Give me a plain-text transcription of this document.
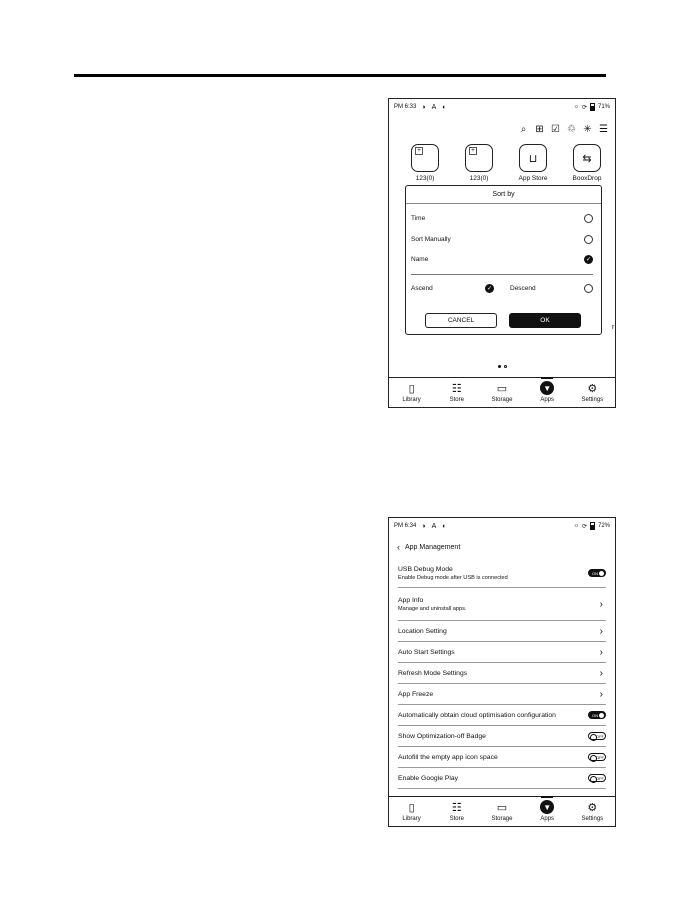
PM 6:33 ◑ A ◐	☼ ⟳ 71%
⌕ ⊞ ☑ ♲ ✳ ☰
+
123(0)
+
123(0)
⊔
App Store
⇆
BooxDrop
Sort by
Time
Sort Manually
Name	✓
Ascend	✓	Descend
CANCEL	OK
r
▯
Library
☷
Store
▭
Storage
▼
Apps
⚙
Settings
PM 6:34 ◑ A ◐	☼ ⟳ 72%
‹ App Management
USB Debug Mode
Enable Debug mode after USB is connected
ON
App Info
Manage and uninstall apps.	›
Location Setting	›
Auto Start Settings	›
Refresh Mode Settings	›
App Freeze	›
Automatically obtain cloud optimisation configuration	ON
Show Optimization-off Badge	OFF
Autofill the empty app icon space	OFF
Enable Google Play	OFF
▯
Library
☷
Store
▭
Storage
▼
Apps
⚙
Settings
